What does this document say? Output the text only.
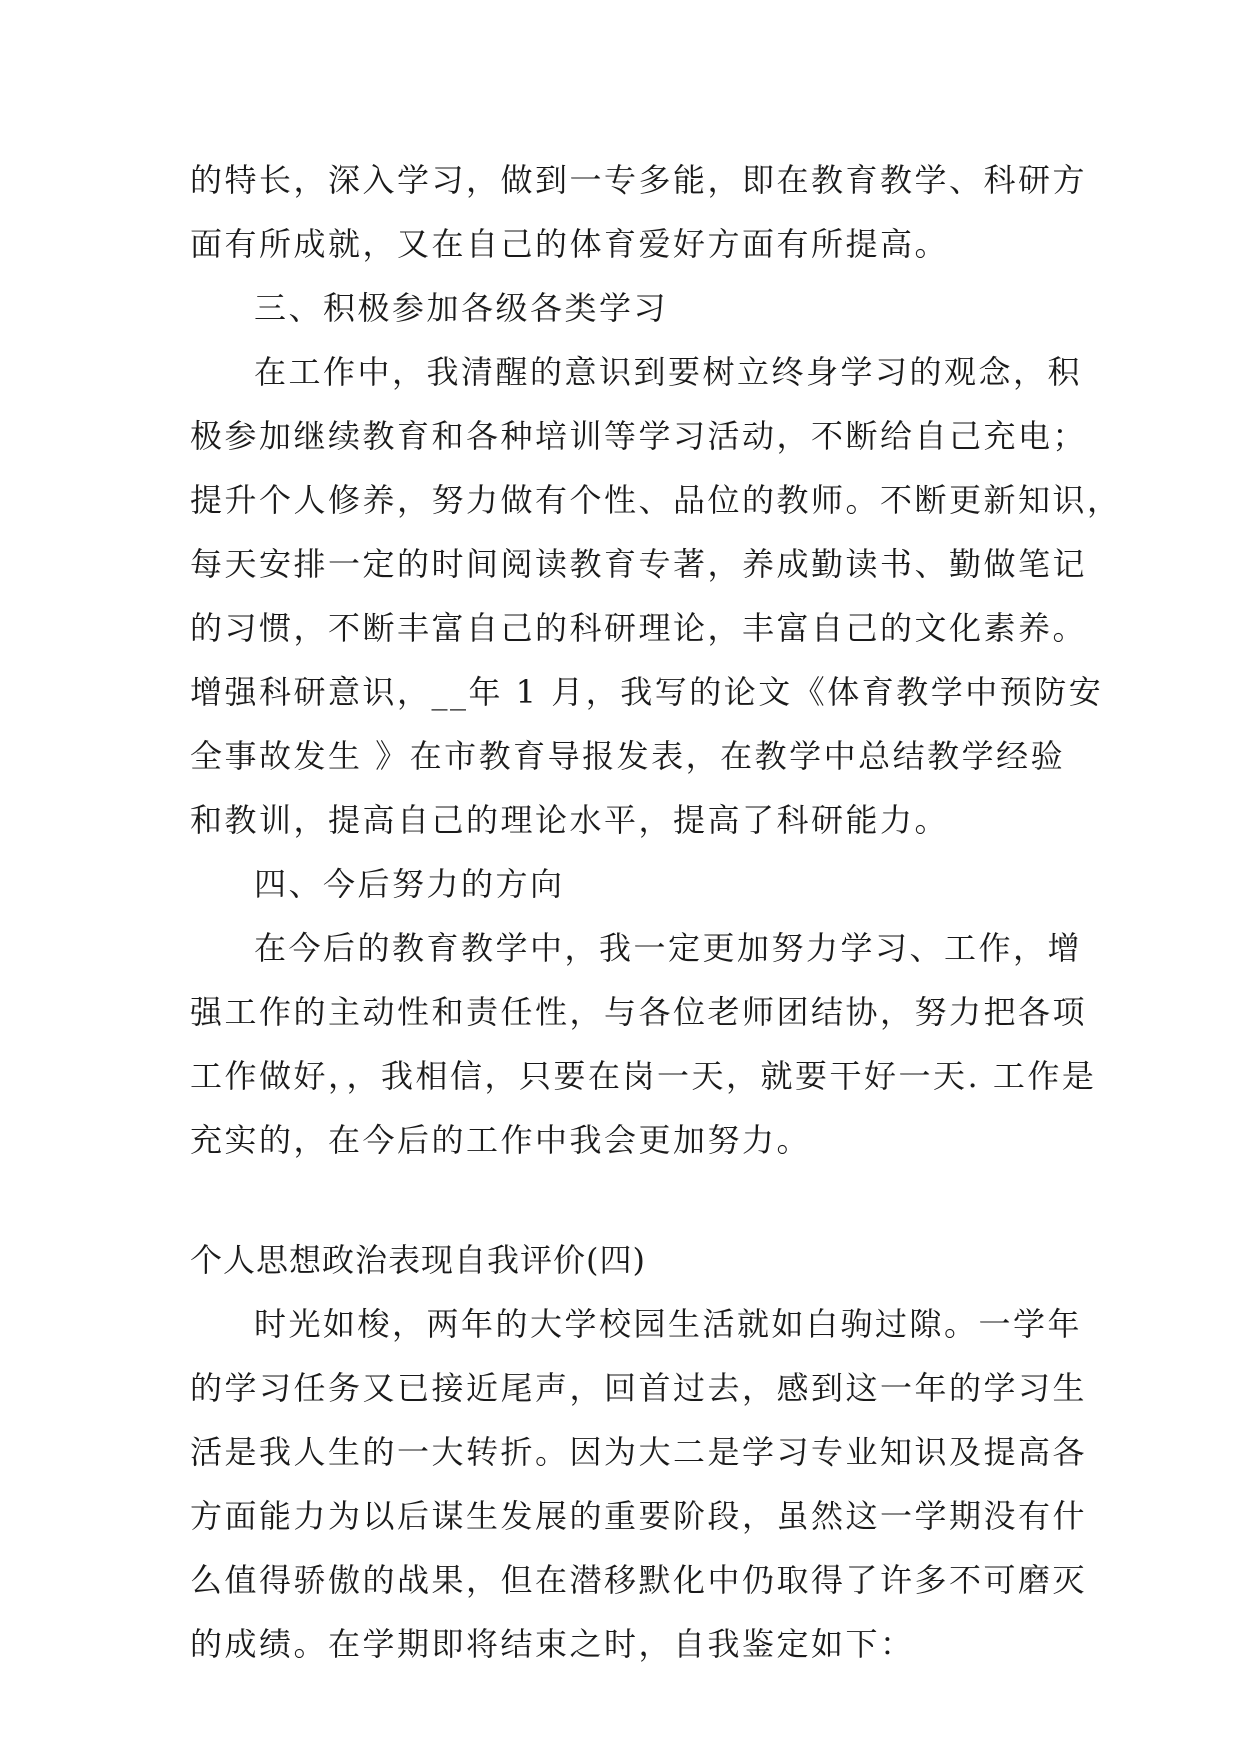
的特长，深入学习，做到一专多能，即在教育教学、科研方
面有所成就，又在自己的体育爱好方面有所提高。
三、积极参加各级各类学习
在工作中，我清醒的意识到要树立终身学习的观念，积
极参加继续教育和各种培训等学习活动，不断给自己充电；
提升个人修养，努力做有个性、品位的教师。不断更新知识，
每天安排一定的时间阅读教育专著，养成勤读书、勤做笔记
的习惯，不断丰富自己的科研理论，丰富自己的文化素养。
增强科研意识，__年 1 月，我写的论文《体育教学中预防安
全事故发生 》在市教育导报发表，在教学中总结教学经验
和教训，提高自己的理论水平，提高了科研能力。
四、今后努力的方向
在今后的教育教学中，我一定更加努力学习、工作，增
强工作的主动性和责任性，与各位老师团结协，努力把各项
工作做好，，我相信，只要在岗一天，就要干好一天. 工作是
充实的，在今后的工作中我会更加努力。
个人思想政治表现自我评价(四)
时光如梭，两年的大学校园生活就如白驹过隙。一学年
的学习任务又已接近尾声，回首过去，感到这一年的学习生
活是我人生的一大转折。因为大二是学习专业知识及提高各
方面能力为以后谋生发展的重要阶段，虽然这一学期没有什
么值得骄傲的战果，但在潜移默化中仍取得了许多不可磨灭
的成绩。在学期即将结束之时，自我鉴定如下：
